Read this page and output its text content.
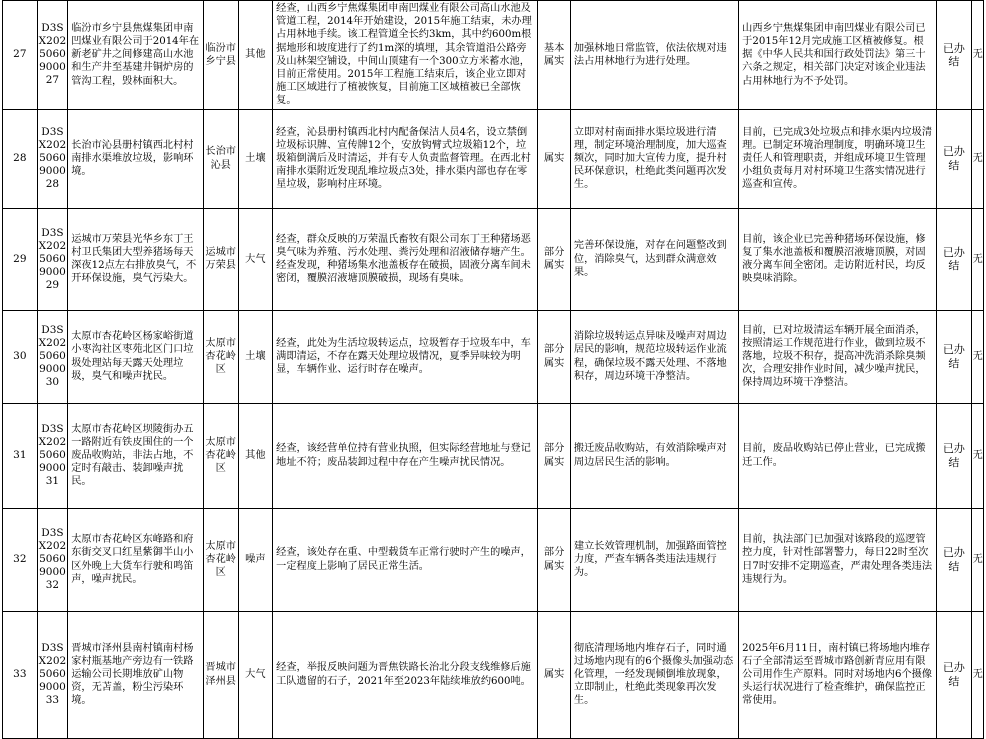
27	D3SX2025060900027	临汾市乡宁县焦煤集团申南凹煤业有限公司于2014年在新老矿井之间修建高山水池和生产井至基建井铜炉房的管沟工程，毁林面积大。	临汾市乡宁县	其他	经查，山西乡宁焦煤集团申南凹煤业有限公司高山水池及管道工程，2014年开始建设，2015年施工结束，未办理占用林地手续。该工程管道全长约3km，其中约600m根据地形和坡度进行了约1m深的填埋，其余管道沿公路旁及山林架空铺设，中间山顶建有一个300立方米蓄水池，目前正常使用。2015年工程施工结束后，该企业立即对施工区域进行了植被恢复，目前施工区域植被已全部恢复。	基本属实	加强林地日常监管，依法依规对违法占用林地行为进行处理。	山西乡宁焦煤集团申南凹煤业有限公司已于2015年12月完成施工区植被修复。根据《中华人民共和国行政处罚法》第三十六条之规定，相关部门决定对该企业违法占用林地行为不予处罚。	已办结	无
28	D3SX2025060900028	长治市沁县册村镇西北村村南排水渠堆放垃圾，影响环境。	长治市沁县	土壤	经查，沁县册村镇西北村内配备保洁人员4名，设立禁倒垃圾标识牌、宣传牌12个，安放钩臂式垃圾箱12个，垃圾箱倒满后及时清运，并有专人负责监督管理。在西北村南排水渠附近发现乱堆垃圾点3处，排水渠内部也存在零星垃圾，影响村庄环境。	属实	立即对村南面排水渠垃圾进行清理，制定环境治理制度，加大巡查频次，同时加大宣传力度，提升村民环保意识，杜绝此类问题再次发生。	目前，已完成3处垃圾点和排水渠内垃圾清理。已制定环境治理制度，明确环境卫生责任人和管理职责，并组成环境卫生管理小组负责每月对村环境卫生落实情况进行巡查和宣传。	已办结	无
29	D3SX2025060900029	运城市万荣县光华乡东丁王村卫氏集团大型养猪场每天深夜12点左右排放臭气，不开环保设施，臭气污染大。	运城市万荣县	大气	经查，群众反映的万荣温氏畜牧有限公司东丁王种猪场恶臭气味为养殖、污水处理、粪污处理和沼液储存塘产生。经查发现，种猪场集水池盖板存在破损，固液分离车间未密闭，覆膜沼液塘顶膜破损，现场有臭味。	部分属实	完善环保设施，对存在问题整改到位，消除臭气，达到群众满意效果。	目前，该企业已完善种猪场环保设施，修复了集水池盖板和覆膜沼液塘顶膜，对固液分离车间全密闭。走访附近村民，均反映臭味消除。	已办结	无
30	D3SX2025060900030	太原市杏花岭区杨家峪街道小枣沟社区枣苑北区门口垃圾处理站每天露天处理垃圾，臭气和噪声扰民。	太原市杏花岭区	土壤	经查，此处为生活垃圾转运点，垃圾暂存于垃圾车中，车满即清运，不存在露天处理垃圾情况，夏季异味较为明显，车辆作业、运行时存在噪声。	部分属实	消除垃圾转运点异味及噪声对周边居民的影响，规范垃圾转运作业流程，确保垃圾不露天处理、不落地积存，周边环境干净整洁。	目前，已对垃圾清运车辆开展全面消杀，按照清运工作规范进行作业，做到垃圾不落地，垃圾不积存，提高冲洗消杀除臭频次，合理安排作业时间，减少噪声扰民，保持周边环境干净整洁。	已办结	无
31	D3SX2025060900031	太原市杏花岭区坝陵街办五一路附近有铁皮围住的一个废品收购站，非法占地，不定时有敲击、装卸噪声扰民。	太原市杏花岭区	其他	经查，该经营单位持有营业执照，但实际经营地址与登记地址不符；废品装卸过程中存在产生噪声扰民情况。	部分属实	搬迁废品收购站，有效消除噪声对周边居民生活的影响。	目前，废品收购站已停止营业，已完成搬迁工作。	已办结	无
32	D3SX2025060900032	太原市杏花岭区东峰路和府东街交叉口红星紫御半山小区外晚上大货车行驶和鸣笛声，噪声扰民。	太原市杏花岭区	噪声	经查，该处存在重、中型载货车正常行驶时产生的噪声，一定程度上影响了居民正常生活。	部分属实	建立长效管理机制，加强路面管控力度，严查车辆各类违法违规行为。	目前，执法部门已加强对该路段的巡逻管控力度，针对性部署警力，每日22时至次日7时安排不定期巡查，严肃处理各类违法违规行为。	已办结	无
33	D3SX2025060900033	晋城市泽州县南村镇南村杨家村瓶基地产旁边有一铁路运输公司长期堆放矿山物资，无苫盖，粉尘污染环境。	晋城市泽州县	大气	经查，举报反映问题为晋焦铁路长治北分段支线维修后施工队遗留的石子，2021年至2023年陆续堆放约600吨。	属实	彻底清理场地内堆存石子，同时通过场地内现有的6个摄像头加强动态化管理，一经发现倾倒堆放现象，立即制止，杜绝此类现象再次发生。	2025年6月11日，南村镇已将场地内堆存石子全部清运至晋城市路创新青应用有限公司用作生产原料。同时对场地内6个摄像头运行状况进行了检查维护，确保监控正常使用。	已办结	无
